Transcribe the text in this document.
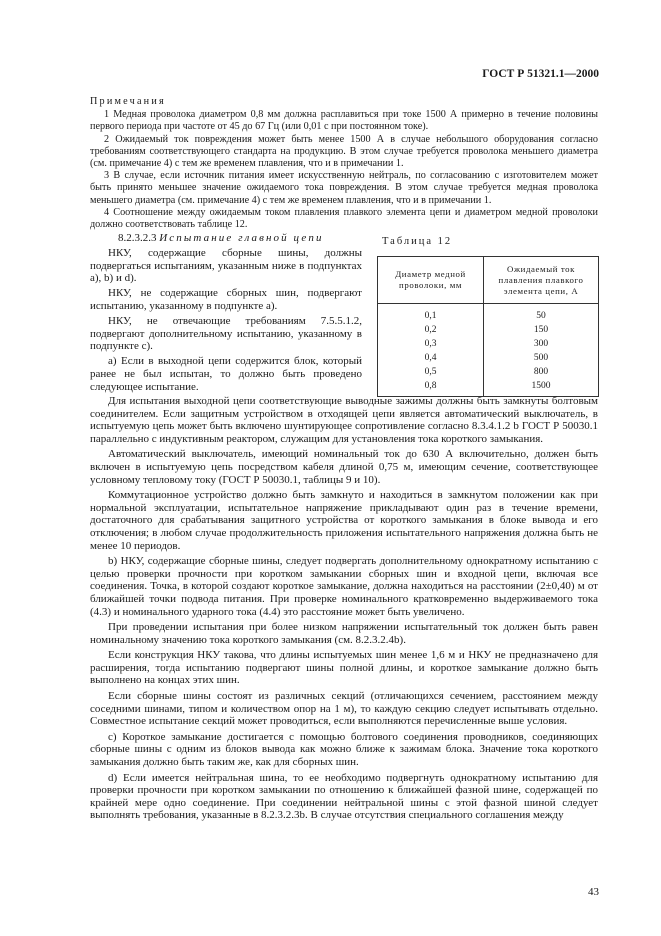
ГОСТ Р 51321.1—2000
Примечания

1 Медная проволока диаметром 0,8 мм должна расплавиться при токе 1500 А примерно в течение половины первого периода при частоте от 45 до 67 Гц (или 0,01 с при постоянном токе).

2 Ожидаемый ток повреждения может быть менее 1500 А в случае небольшого оборудования согласно требованиям соответствующего стандарта на продукцию. В этом случае требуется проволока меньшего диаметра (см. примечание 4) с тем же временем плавления, что и в примечании 1.

3 В случае, если источник питания имеет искусственную нейтраль, по согласованию с изготовителем может быть принято меньшее значение ожидаемого тока повреждения. В этом случае требуется медная проволока меньшего диаметра (см. примечание 4) с тем же временем плавления, что и в примечании 1.

4 Соотношение между ожидаемым током плавления плавкого элемента цепи и диаметром медной проволоки должно соответствовать таблице 12.

8.2.3.2.3 Испытание главной цепи

НКУ, содержащие сборные шины, должны подвергаться испытаниям, указанным ниже в подпунктах а), b) и d).

НКУ, не содержащие сборных шин, подвергают испытанию, указанному в подпункте а).

НКУ, не отвечающие требованиям 7.5.5.1.2, подвергают дополнительному испытанию, указанному в подпункте с).

а) Если в выходной цепи содержится блок, который ранее не был испытан, то должно быть проведено следующее испытание.

Таблица 12
Диаметр медной проволоки, мм	Ожидаемый ток плавления плавкого элемента цепи, А
0,1	50
0,2	150
0,3	300
0,4	500
0,5	800
0,8	1500

Для испытания выходной цепи соответствующие выводные зажимы должны быть замкнуты болтовым соединителем. Если защитным устройством в отходящей цепи является автоматический выключатель, в испытуемую цепь может быть включено шунтирующее сопротивление согласно 8.3.4.1.2 b ГОСТ Р 50030.1 параллельно с индуктивным реактором, служащим для установления тока короткого замыкания.

Автоматический выключатель, имеющий номинальный ток до 630 А включительно, должен быть включен в испытуемую цепь посредством кабеля длиной 0,75 м, имеющим сечение, соответствующее условному тепловому току (ГОСТ Р 50030.1, таблицы 9 и 10).

Коммутационное устройство должно быть замкнуто и находиться в замкнутом положении как при нормальной эксплуатации, испытательное напряжение прикладывают один раз в течение времени, достаточного для срабатывания защитного устройства от короткого замыкания в блоке вывода и его отключения; в любом случае продолжительность приложения испытательного напряжения должна быть не менее 10 периодов.

b) НКУ, содержащие сборные шины, следует подвергать дополнительному однократному испытанию с целью проверки прочности при коротком замыкании сборных шин и входной цепи, включая все соединения. Точка, в которой создают короткое замыкание, должна находиться на расстоянии (2±0,40) м от ближайшей точки подвода питания. При проверке номинального кратковременно выдерживаемого тока (4.3) и номинального ударного тока (4.4) это расстояние может быть увеличено.

При проведении испытания при более низком напряжении испытательный ток должен быть равен номинальному значению тока короткого замыкания (см. 8.2.3.2.4b).

Если конструкция НКУ такова, что длины испытуемых шин менее 1,6 м и НКУ не предназначено для расширения, тогда испытанию подвергают шины полной длины, и короткое замыкание должно быть выполнено на концах этих шин.

Если сборные шины состоят из различных секций (отличающихся сечением, расстоянием между соседними шинами, типом и количеством опор на 1 м), то каждую секцию следует испытывать отдельно. Совместное испытание секций может проводиться, если выполняются перечисленные выше условия.

с) Короткое замыкание достигается с помощью болтового соединения проводников, соединяющих сборные шины с одним из блоков вывода как можно ближе к зажимам блока. Значение тока короткого замыкания должно быть таким же, как для сборных шин.

d) Если имеется нейтральная шина, то ее необходимо подвергнуть однократному испытанию для проверки прочности при коротком замыкании по отношению к ближайшей фазной шине, содержащей по крайней мере одно соединение. При соединении нейтральной шины с этой фазной шиной следует выполнять требования, указанные в 8.2.3.2.3b. В случае отсутствия специального соглашения между

43
